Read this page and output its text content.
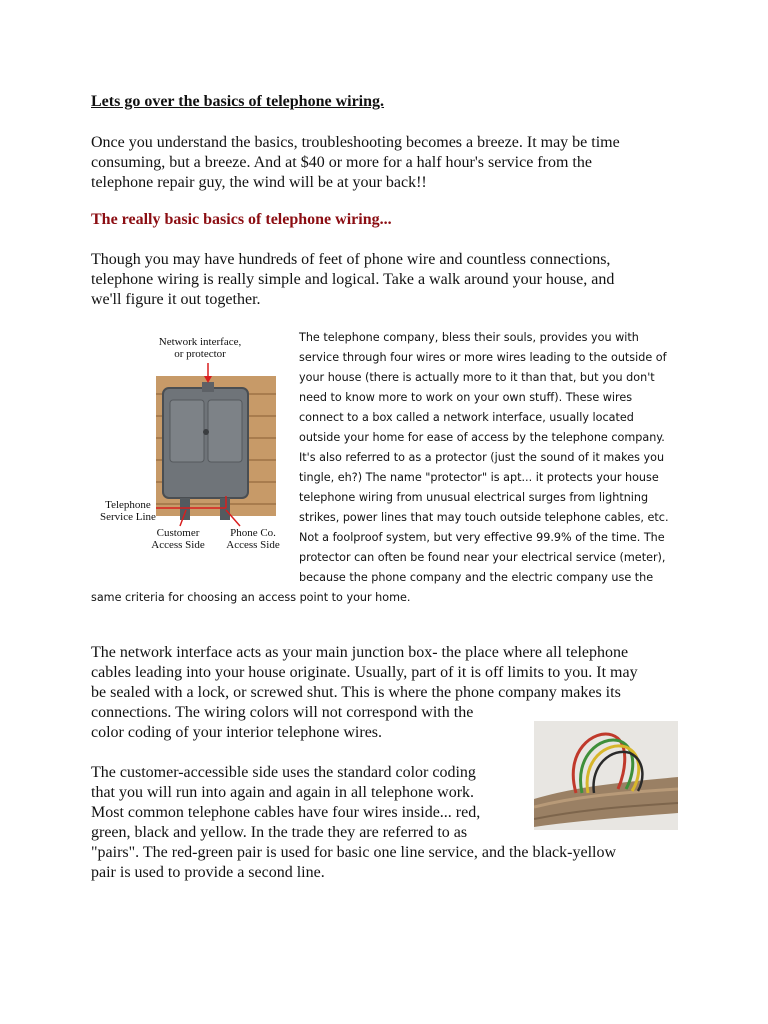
Lets go over the basics of telephone wiring.
Once you understand the basics, troubleshooting becomes a breeze. It may be time
consuming, but a breeze. And at $40 or more for a half hour's service from the
telephone repair guy, the wind will be at your back!!
The really basic basics of telephone wiring...
Though you may have hundreds of feet of phone wire and countless connections,
telephone wiring is really simple and logical. Take a walk around your house, and
we'll figure it out together.
Network interface,
or protector
Telephone
Service Line
Customer
Access Side
Phone Co.
Access Side
The telephone company, bless their souls, provides you with
service through four wires or more wires leading to the outside of
your house (there is actually more to it than that, but you don't
need to know more to work on your own stuff). These wires
connect to a box called a network interface, usually located
outside your home for ease of access by the telephone company.
It's also referred to as a protector (just the sound of it makes you
tingle, eh?) The name "protector" is apt... it protects your house
telephone wiring from unusual electrical surges from lightning
strikes, power lines that may touch outside telephone cables, etc.
Not a foolproof system, but very effective 99.9% of the time. The
protector can often be found near your electrical service (meter),
because the phone company and the electric company use the
same criteria for choosing an access point to your home.
The network interface acts as your main junction box- the place where all telephone
cables leading into your house originate. Usually, part of it is off limits to you. It may
be sealed with a lock, or screwed shut. This is where the phone company makes its
connections. The wiring colors will not correspond with the
color coding of your interior telephone wires.
The customer-accessible side uses the standard color coding
that you will run into again and again in all telephone work.
Most common telephone cables have four wires inside... red,
green, black and yellow. In the trade they are referred to as
"pairs". The red-green pair is used for basic one line service, and the black-yellow
pair is used to provide a second line.
